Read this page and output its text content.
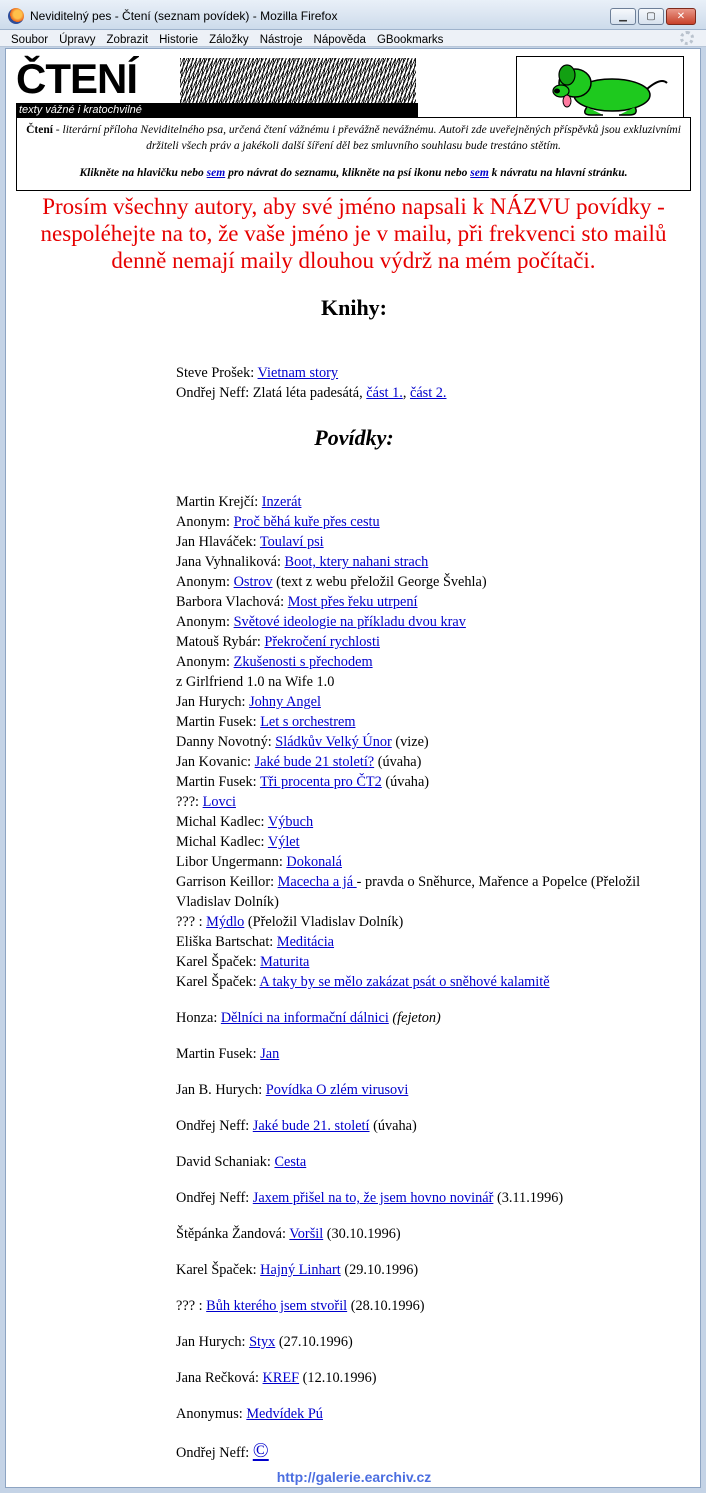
Neviditelný pes - Čtení (seznam povídek) - Mozilla Firefox	▁	▢	✕
Soubor Úpravy Zobrazit Historie Záložky Nástroje Nápověda GBookmarks
ČTENÍ
texty vážné i kratochvilné
Čtení - literární příloha Neviditelného psa, určená čtení vážnému i převážně nevážnému. Autoři zde uveřejněných příspěvků jsou exkluzivními držiteli všech práv a jakékoli další šíření děl bez smluvního souhlasu bude trestáno stětím.
Klikněte na hlavičku nebo sem pro návrat do seznamu, klikněte na psí ikonu nebo sem k návratu na hlavní stránku.
Prosím všechny autory, aby své jméno napsali k NÁZVU povídky - nespoléhejte na to, že vaše jméno je v mailu, při frekvenci sto mailů denně nemají maily dlouhou výdrž na mém počítači.
Knihy:
Steve Prošek: Vietnam story
Ondřej Neff: Zlatá léta padesátá, část 1., část 2.
Povídky:
Martin Krejčí: Inzerát
Anonym: Proč běhá kuře přes cestu
Jan Hlaváček: Toulaví psi
Jana Vyhnaliková: Boot, ktery nahani strach
Anonym: Ostrov (text z webu přeložil George Švehla)
Barbora Vlachová: Most přes řeku utrpení
Anonym: Světové ideologie na příkladu dvou krav
Matouš Rybár: Překročení rychlosti
Anonym: Zkušenosti s přechodem
z Girlfriend 1.0 na Wife 1.0
Jan Hurych: Johny Angel
Martin Fusek: Let s orchestrem
Danny Novotný: Sládkův Velký Únor (vize)
Jan Kovanic: Jaké bude 21 století? (úvaha)
Martin Fusek: Tři procenta pro ČT2 (úvaha)
???: Lovci
Michal Kadlec: Výbuch
Michal Kadlec: Výlet
Libor Ungermann: Dokonalá
Garrison Keillor: Macecha a já - pravda o Sněhurce, Mařence a Popelce (Přeložil Vladislav Dolník)
??? : Mýdlo (Přeložil Vladislav Dolník)
Eliška Bartschat: Meditácia
Karel Špaček: Maturita
Karel Špaček: A taky by se mělo zakázat psát o sněhové kalamitě
Honza: Dělníci na informační dálnici (fejeton)
Martin Fusek: Jan
Jan B. Hurych: Povídka O zlém virusovi
Ondřej Neff: Jaké bude 21. století (úvaha)
David Schaniak: Cesta
Ondřej Neff: Jaxem přišel na to, že jsem hovno novinář (3.11.1996)
Štěpánka Žandová: Voršil (30.10.1996)
Karel Špaček: Hajný Linhart (29.10.1996)
??? : Bůh kterého jsem stvořil (28.10.1996)
Jan Hurych: Styx (27.10.1996)
Jana Rečková: KREF (12.10.1996)
Anonymus: Medvídek Pú
Ondřej Neff: ©
http://galerie.earchiv.cz
